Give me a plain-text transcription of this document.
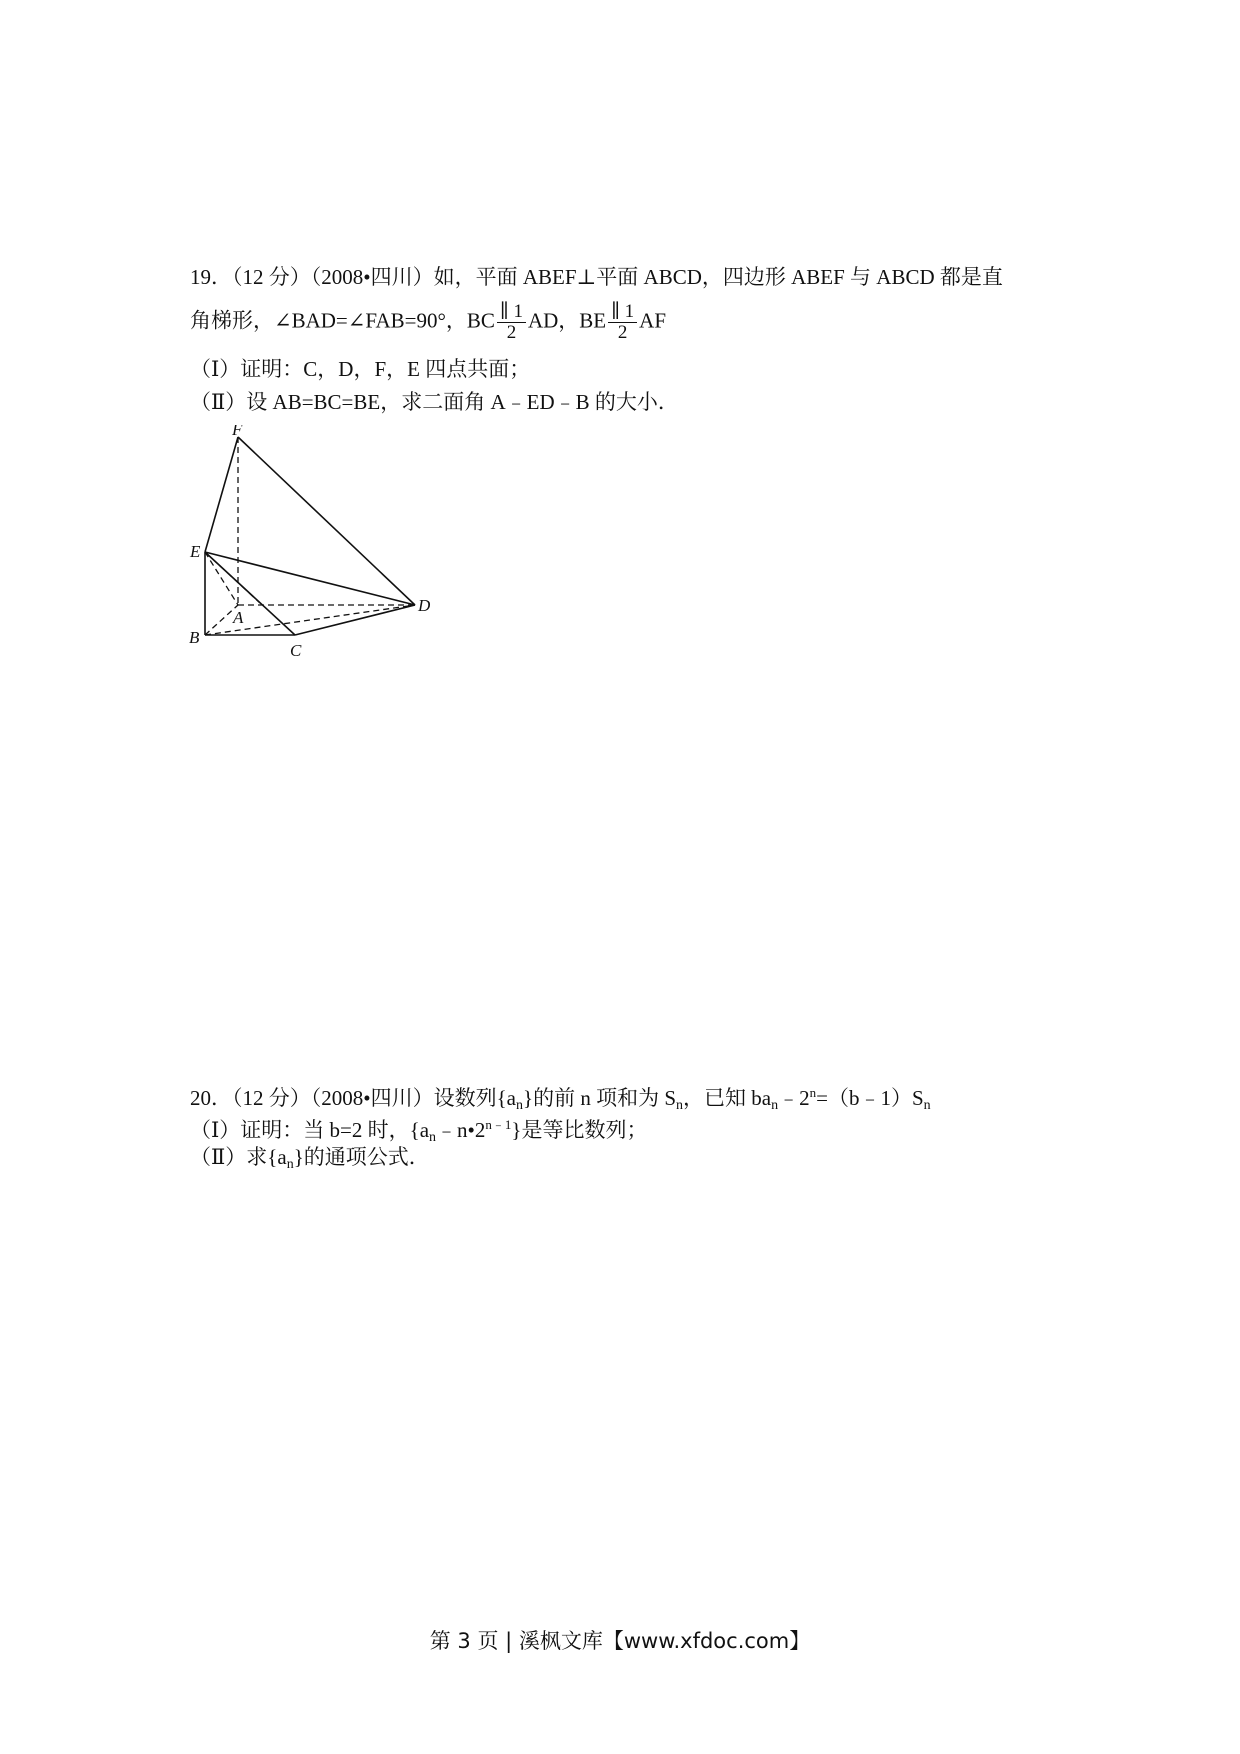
19．（12 分）（2008•四川）如，平面 ABEF⊥平面 ABCD，四边形 ABEF 与 ABCD 都是直
角梯形，∠BAD=∠FAB=90°，BC $\frac{\parallel 1}{2}$ AD，BE $\frac{\parallel 1}{2}$ AF
（Ⅰ）证明：C，D，F，E 四点共面；
（Ⅱ）设 AB=BC=BE，求二面角 A﹣ED﹣B 的大小．
F
E
A
B
C
D
20．（12 分）（2008•四川）设数列$\{a_n\}$的前 n 项和为 $S_n$，已知 $ba_n﹣2^n=(b﹣1)S_n$
（Ⅰ）证明：当 b=2 时，$\{a_n﹣n•2^{n﹣1}\}$是等比数列；
（Ⅱ）求$\{a_n\}$的通项公式．
第 3 页 | 溪枫文库【www.xfdoc.com】
